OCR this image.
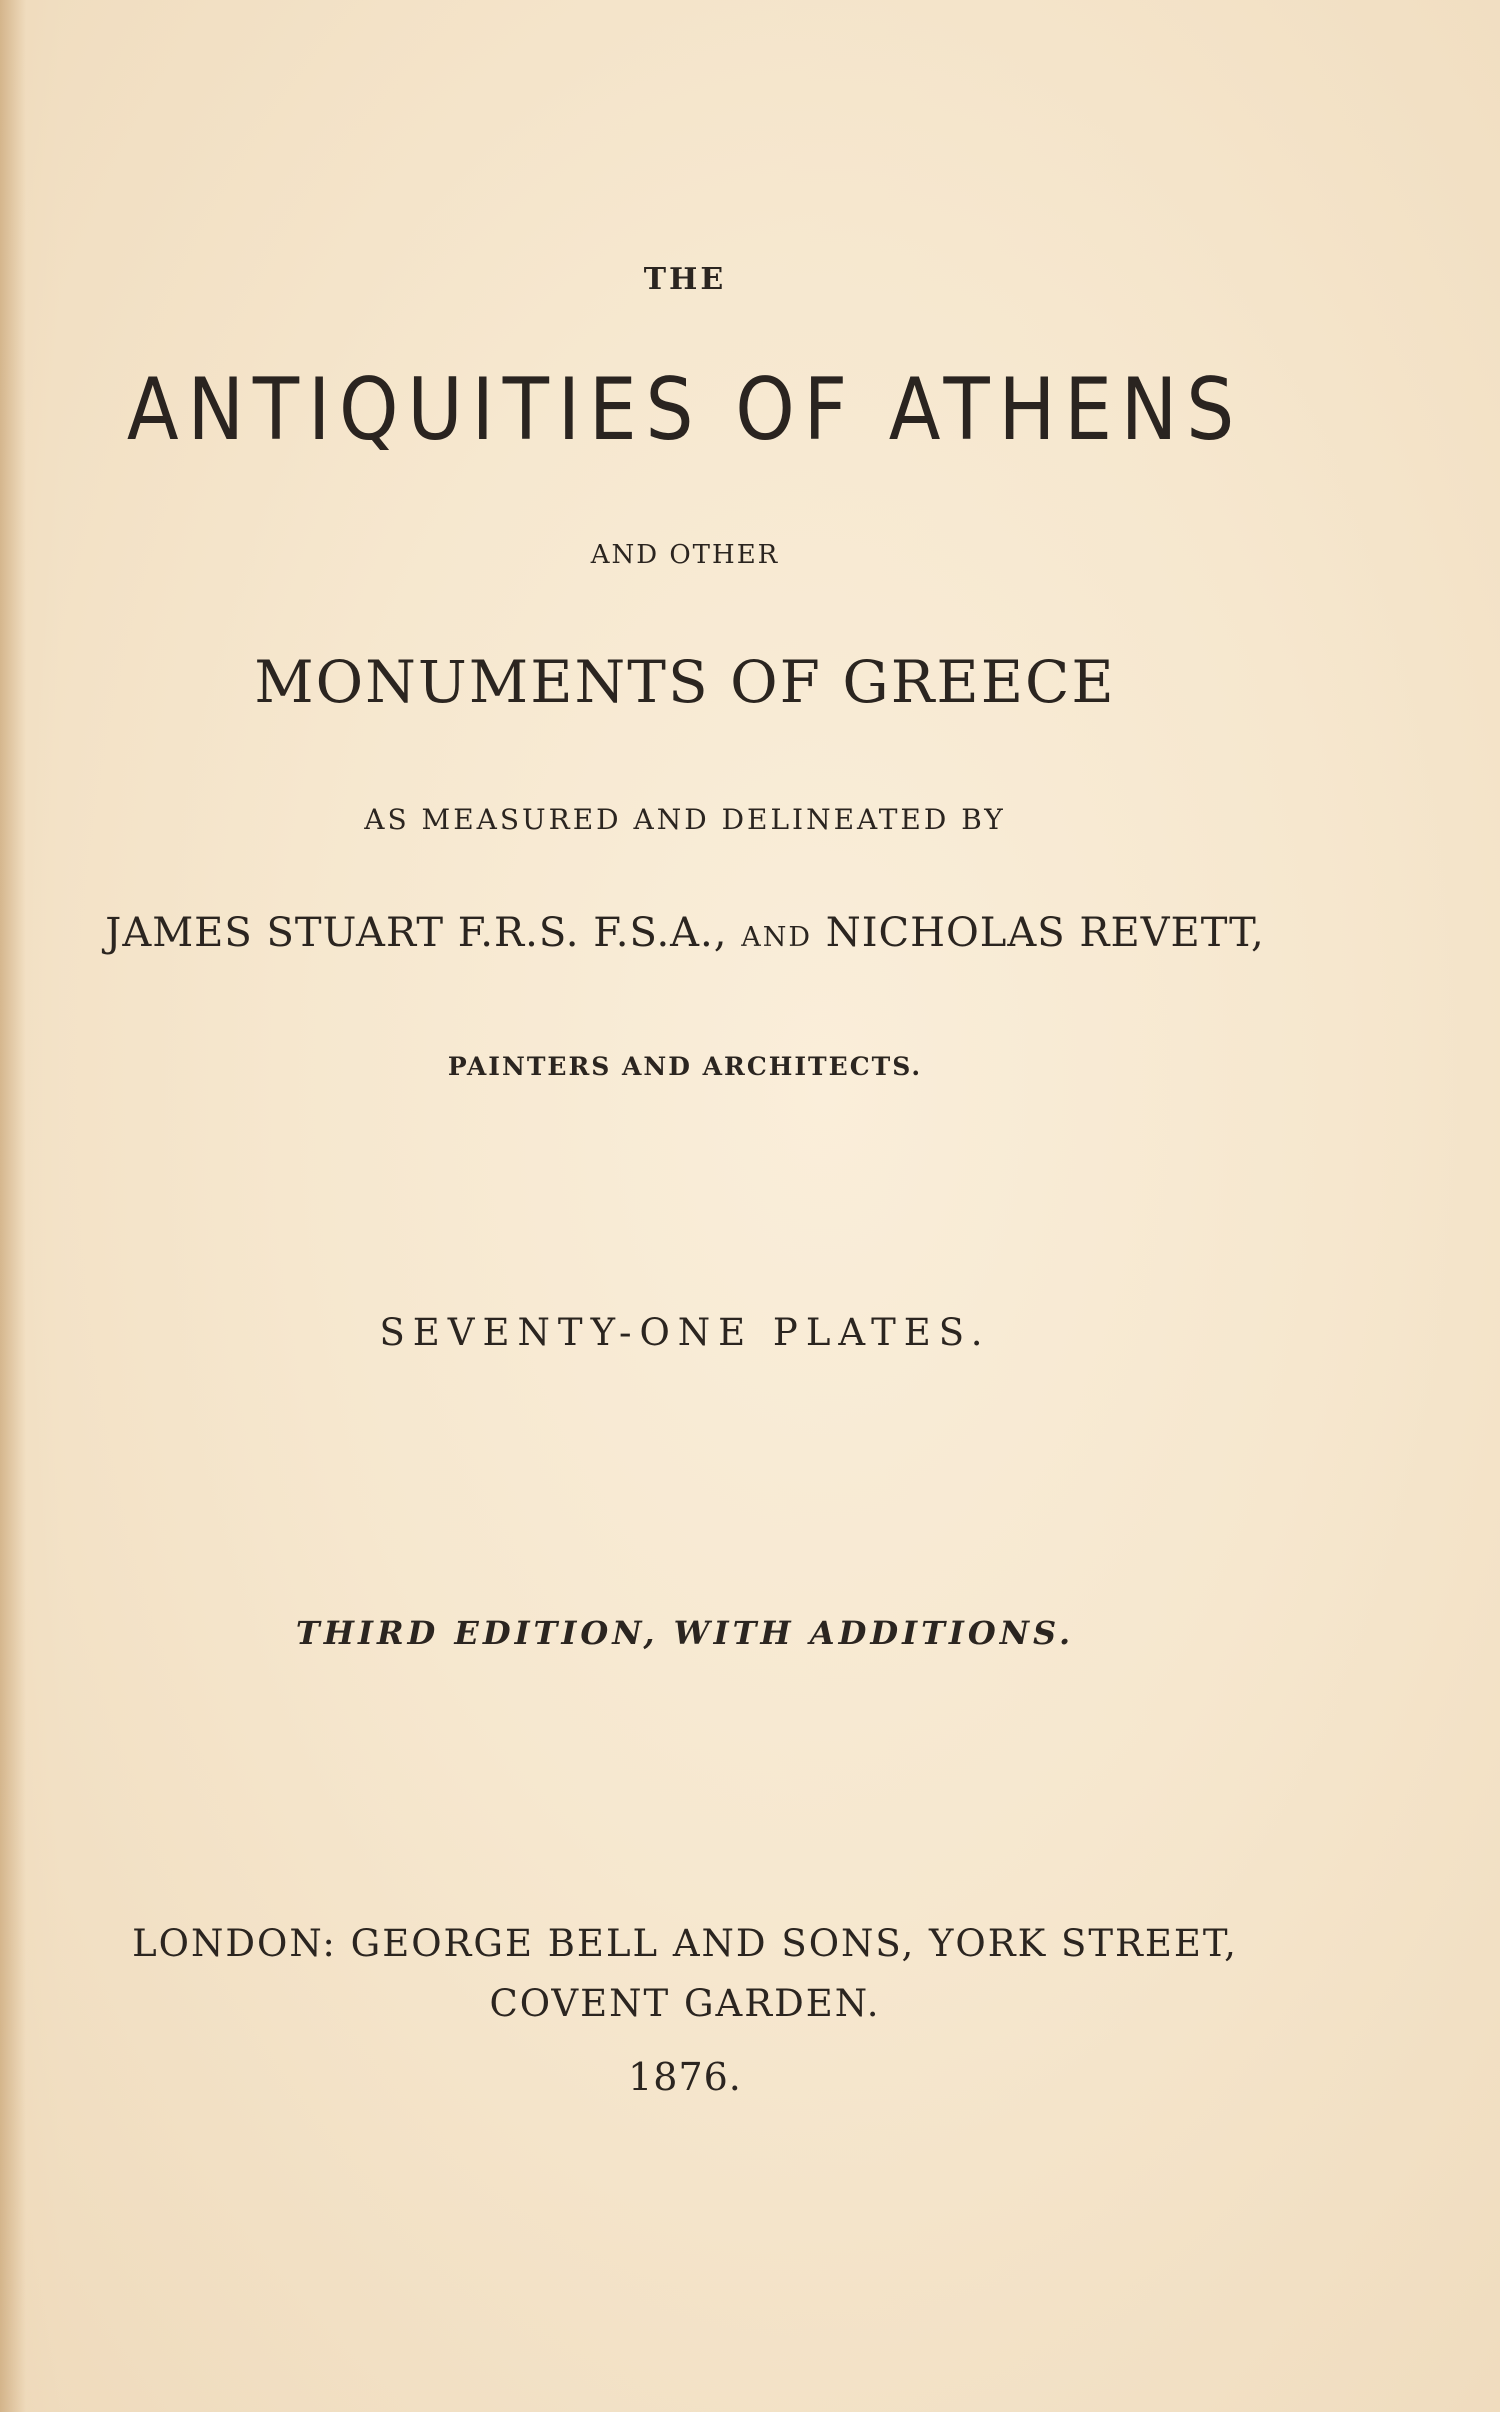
THE
ANTIQUITIES OF ATHENS
AND OTHER
MONUMENTS OF GREECE
AS MEASURED AND DELINEATED BY
JAMES STUART F.R.S. F.S.A., AND NICHOLAS REVETT,
PAINTERS AND ARCHITECTS.
SEVENTY-ONE PLATES.
THIRD EDITION, WITH ADDITIONS.
LONDON: GEORGE BELL AND SONS, YORK STREET,
COVENT GARDEN.
1876.
